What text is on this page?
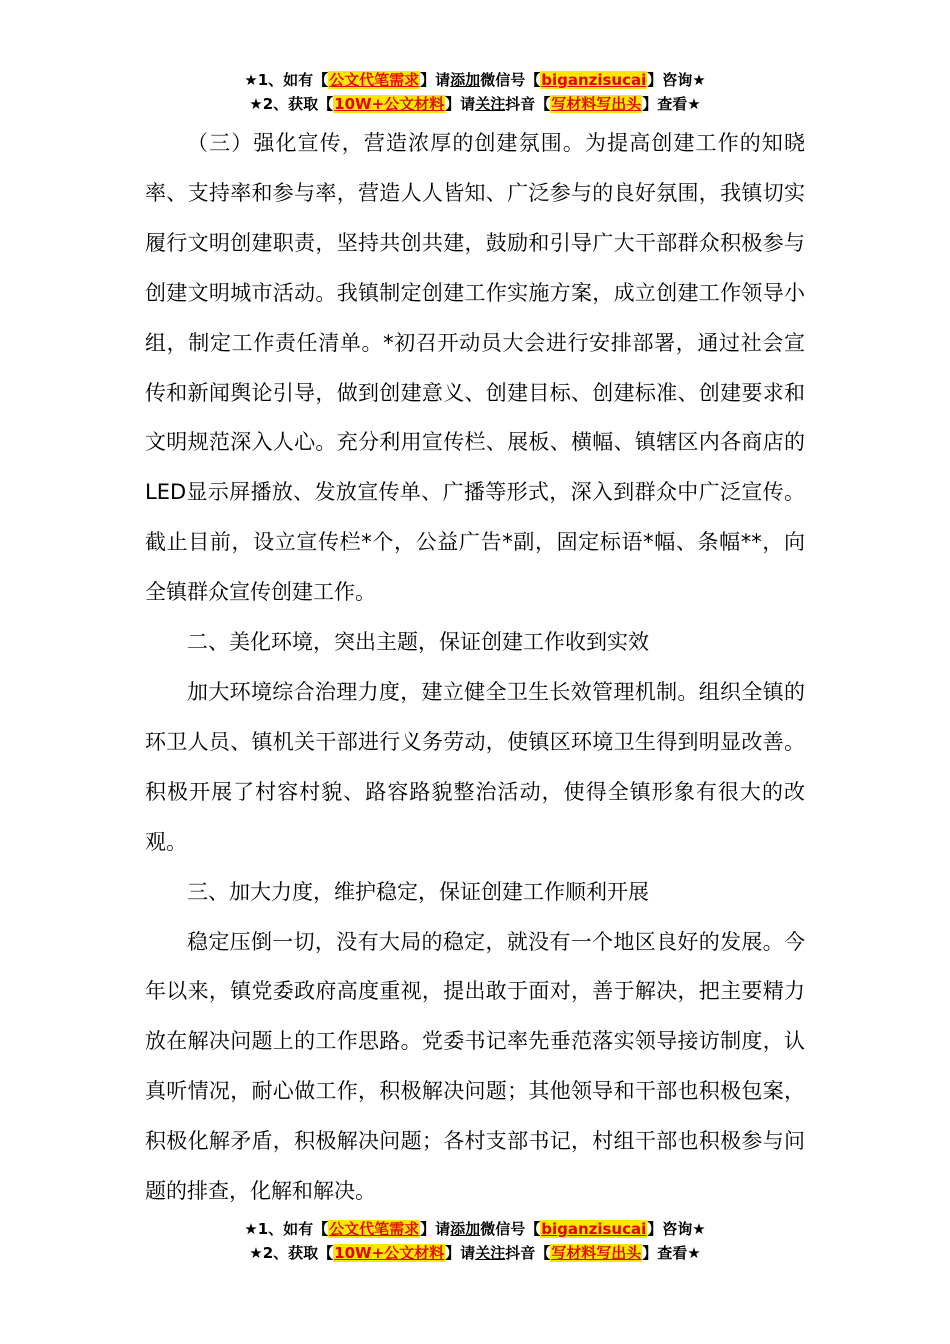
★1、如有【公文代笔需求】请添加微信号【biganzisucai】咨询★
★2、获取【10W+公文材料】请关注抖音【写材料写出头】查看★

（三）强化宣传，营造浓厚的创建氛围。为提高创建工作的知晓率、支持率和参与率，营造人人皆知、广泛参与的良好氛围，我镇切实履行文明创建职责，坚持共创共建，鼓励和引导广大干部群众积极参与创建文明城市活动。我镇制定创建工作实施方案，成立创建工作领导小组，制定工作责任清单。*初召开动员大会进行安排部署，通过社会宣传和新闻舆论引导，做到创建意义、创建目标、创建标准、创建要求和文明规范深入人心。充分利用宣传栏、展板、横幅、镇辖区内各商店的LED显示屏播放、发放宣传单、广播等形式，深入到群众中广泛宣传。截止目前，设立宣传栏*个，公益广告*副，固定标语*幅、条幅**，向全镇群众宣传创建工作。

二、美化环境，突出主题，保证创建工作收到实效

加大环境综合治理力度，建立健全卫生长效管理机制。组织全镇的环卫人员、镇机关干部进行义务劳动，使镇区环境卫生得到明显改善。积极开展了村容村貌、路容路貌整治活动，使得全镇形象有很大的改观。

三、加大力度，维护稳定，保证创建工作顺利开展

稳定压倒一切，没有大局的稳定，就没有一个地区良好的发展。今年以来，镇党委政府高度重视，提出敢于面对，善于解决，把主要精力放在解决问题上的工作思路。党委书记率先垂范落实领导接访制度，认真听情况，耐心做工作，积极解决问题；其他领导和干部也积极包案，积极化解矛盾，积极解决问题；各村支部书记，村组干部也积极参与问题的排查，化解和解决。

★1、如有【公文代笔需求】请添加微信号【biganzisucai】咨询★
★2、获取【10W+公文材料】请关注抖音【写材料写出头】查看★
